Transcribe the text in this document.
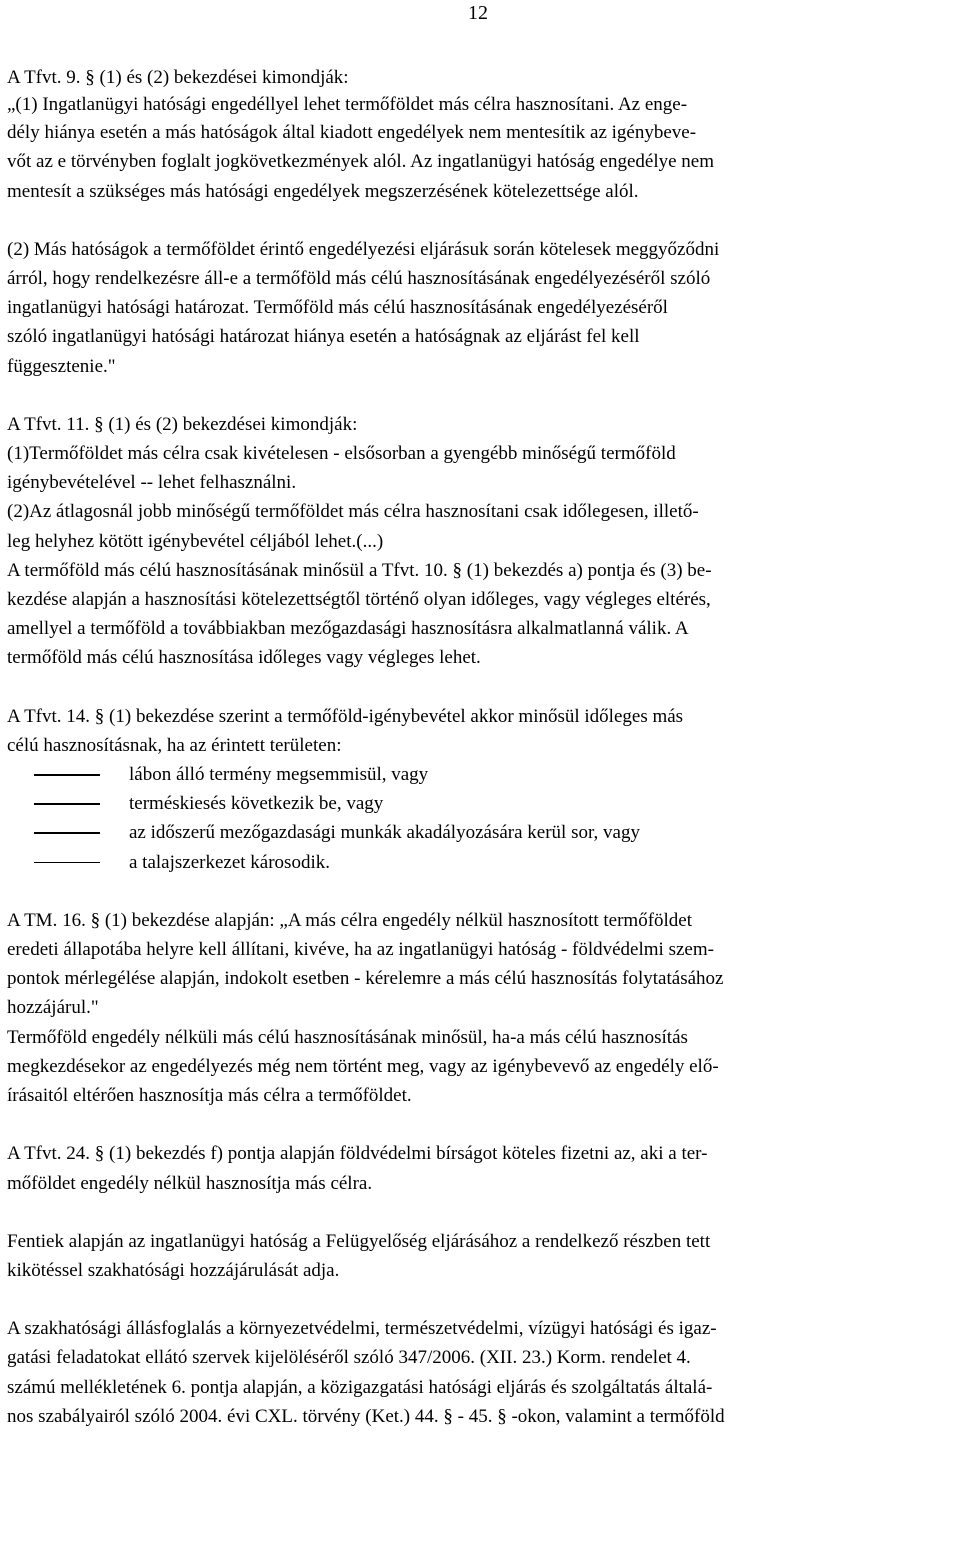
12

A Tfvt. 9. § (1) és (2) bekezdései kimondják:

„(1) Ingatlanügyi hatósági engedéllyel lehet termőföldet más célra hasznosítani. Az enge-

dély hiánya esetén a más hatóságok által kiadott engedélyek nem mentesítik az igénybeve-

vőt az e törvényben foglalt jogkövetkezmények alól. Az ingatlanügyi hatóság engedélye nem

mentesít a szükséges más hatósági engedélyek megszerzésének kötelezettsége alól.

(2) Más hatóságok a termőföldet érintő engedélyezési eljárásuk során kötelesek meggyőződni

árról, hogy rendelkezésre áll-e a termőföld más célú hasznosításának engedélyezéséről szóló

ingatlanügyi hatósági határozat. Termőföld más célú hasznosításának engedélyezéséről

szóló ingatlanügyi hatósági határozat hiánya esetén a hatóságnak az eljárást fel kell

függesztenie."

A Tfvt. 11. § (1) és (2) bekezdései kimondják:

(1)Termőföldet más célra csak kivételesen - elsősorban a gyengébb minőségű termőföld

igénybevételével -- lehet felhasználni.

(2)Az átlagosnál jobb minőségű termőföldet más célra hasznosítani csak időlegesen, illető-

leg helyhez kötött igénybevétel céljából lehet.(...)

A termőföld más célú hasznosításának minősül a Tfvt. 10. § (1) bekezdés a) pontja és (3) be-

kezdése alapján a hasznosítási kötelezettségtől történő olyan időleges, vagy végleges eltérés,

amellyel a termőföld a továbbiakban mezőgazdasági hasznosításra alkalmatlanná válik. A

termőföld más célú hasznosítása időleges vagy végleges lehet.

A Tfvt. 14. § (1) bekezdése szerint a termőföld-igénybevétel akkor minősül időleges más

célú hasznosításnak, ha az érintett területen:

lábon álló termény megsemmisül, vagy
terméskiesés következik be, vagy
az időszerű mezőgazdasági munkák akadályozására kerül sor, vagy
a talajszerkezet károsodik.

A TM. 16. § (1) bekezdése alapján: „A más célra engedély nélkül hasznosított termőföldet

eredeti állapotába helyre kell állítani, kivéve, ha az ingatlanügyi hatóság - földvédelmi szem-

pontok mérlegélése alapján, indokolt esetben - kérelemre a más célú hasznosítás folytatásához

hozzájárul."

Termőföld engedély nélküli más célú hasznosításának minősül, ha-a más célú hasznosítás

megkezdésekor az engedélyezés még nem történt meg, vagy az igénybevevő az engedély elő-

írásaitól eltérően hasznosítja más célra a termőföldet.

A Tfvt. 24. § (1) bekezdés f) pontja alapján földvédelmi bírságot köteles fizetni az, aki a ter-

mőföldet engedély nélkül hasznosítja más célra.

Fentiek alapján az ingatlanügyi hatóság a Felügyelőség eljárásához a rendelkező részben tett

kikötéssel szakhatósági hozzájárulását adja.

A szakhatósági állásfoglalás a környezetvédelmi, természetvédelmi, vízügyi hatósági és igaz-

gatási feladatokat ellátó szervek kijelöléséről szóló 347/2006. (XII. 23.) Korm. rendelet 4.

számú mellékletének 6. pontja alapján, a közigazgatási hatósági eljárás és szolgáltatás általá-

nos szabályairól szóló 2004. évi CXL. törvény (Ket.) 44. § - 45. § -okon, valamint a termőföld
